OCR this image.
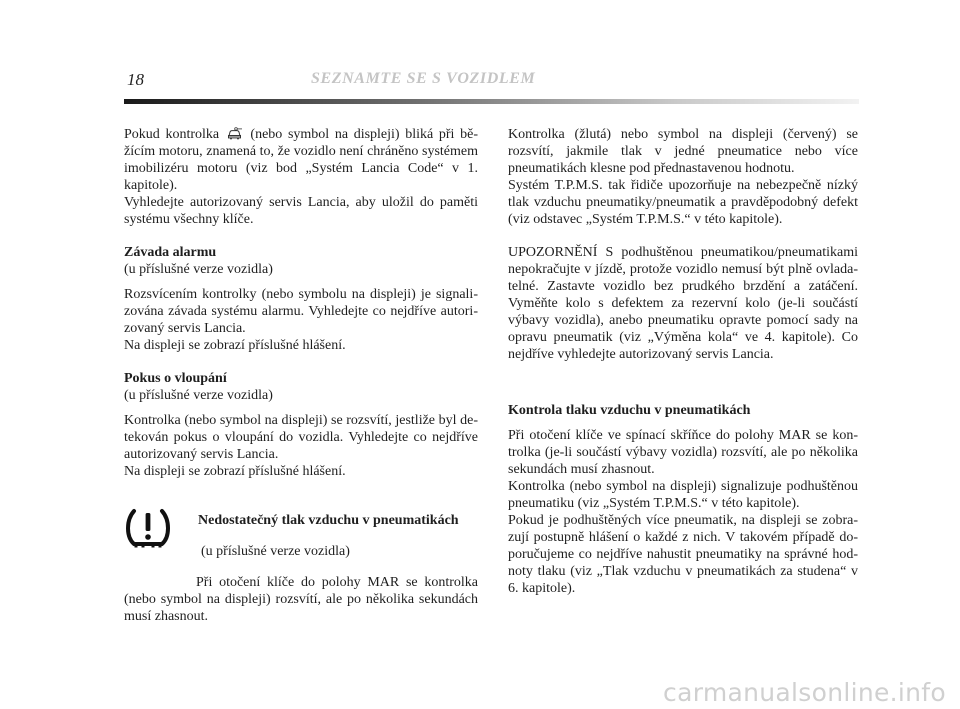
18	SEZNAMTE SE S VOZIDLEM

Pokud kontrolka (nebo symbol na displeji) bliká při běžícím motoru, znamená to, že vozidlo není chráněno systémem imobilizéru motoru (viz bod „Systém Lancia Code“ v 1. kapitole).

Vyhledejte autorizovaný servis Lancia, aby uložil do paměti systému všechny klíče.

Závada alarmu

(u příslušné verze vozidla)

Rozsvícením kontrolky (nebo symbolu na displeji) je signalizována závada systému alarmu. Vyhledejte co nejdříve autorizovaný servis Lancia.

Na displeji se zobrazí příslušné hlášení.

Pokus o vloupání

(u příslušné verze vozidla)

Kontrolka (nebo symbol na displeji) se rozsvítí, jestliže byl detekován pokus o vloupání do vozidla. Vyhledejte co nejdříve autorizovaný servis Lancia.

Na displeji se zobrazí příslušné hlášení.

Nedostatečný tlak vzduchu v pneumatikách

(u příslušné verze vozidla)

Při otočení klíče do polohy MAR se kontrolka (nebo symbol na displeji) rozsvítí, ale po několika sekundách musí zhasnout.

Kontrolka (žlutá) nebo symbol na displeji (červený) se rozsvítí, jakmile tlak v jedné pneumatice nebo více pneumatikách klesne pod přednastavenou hodnotu.

Systém T.P.M.S. tak řidiče upozorňuje na nebezpečně nízký tlak vzduchu pneumatiky/pneumatik a pravděpodobný defekt (viz odstavec „Systém T.P.M.S.“ v této kapitole).

UPOZORNĚNÍ S podhuštěnou pneumatikou/pneumatikami nepokračujte v jízdě, protože vozidlo nemusí být plně ovladatelné. Zastavte vozidlo bez prudkého brzdění a zatáčení. Vyměňte kolo s defektem za rezervní kolo (je-li součástí výbavy vozidla), anebo pneumatiku opravte pomocí sady na opravu pneumatik (viz „Výměna kola“ ve 4. kapitole). Co nejdříve vyhledejte autorizovaný servis Lancia.

Kontrola tlaku vzduchu v pneumatikách

Při otočení klíče ve spínací skříňce do polohy MAR se kontrolka (je-li součástí výbavy vozidla) rozsvítí, ale po několika sekundách musí zhasnout.

Kontrolka (nebo symbol na displeji) signalizuje podhuštěnou pneumatiku (viz „Systém T.P.M.S.“ v této kapitole).

Pokud je podhuštěných více pneumatik, na displeji se zobrazují postupně hlášení o každé z nich. V takovém případě doporučujeme co nejdříve nahustit pneumatiky na správné hodnoty tlaku (viz „Tlak vzduchu v pneumatikách za studena“ v 6. kapitole).

carmanualsonline.info
